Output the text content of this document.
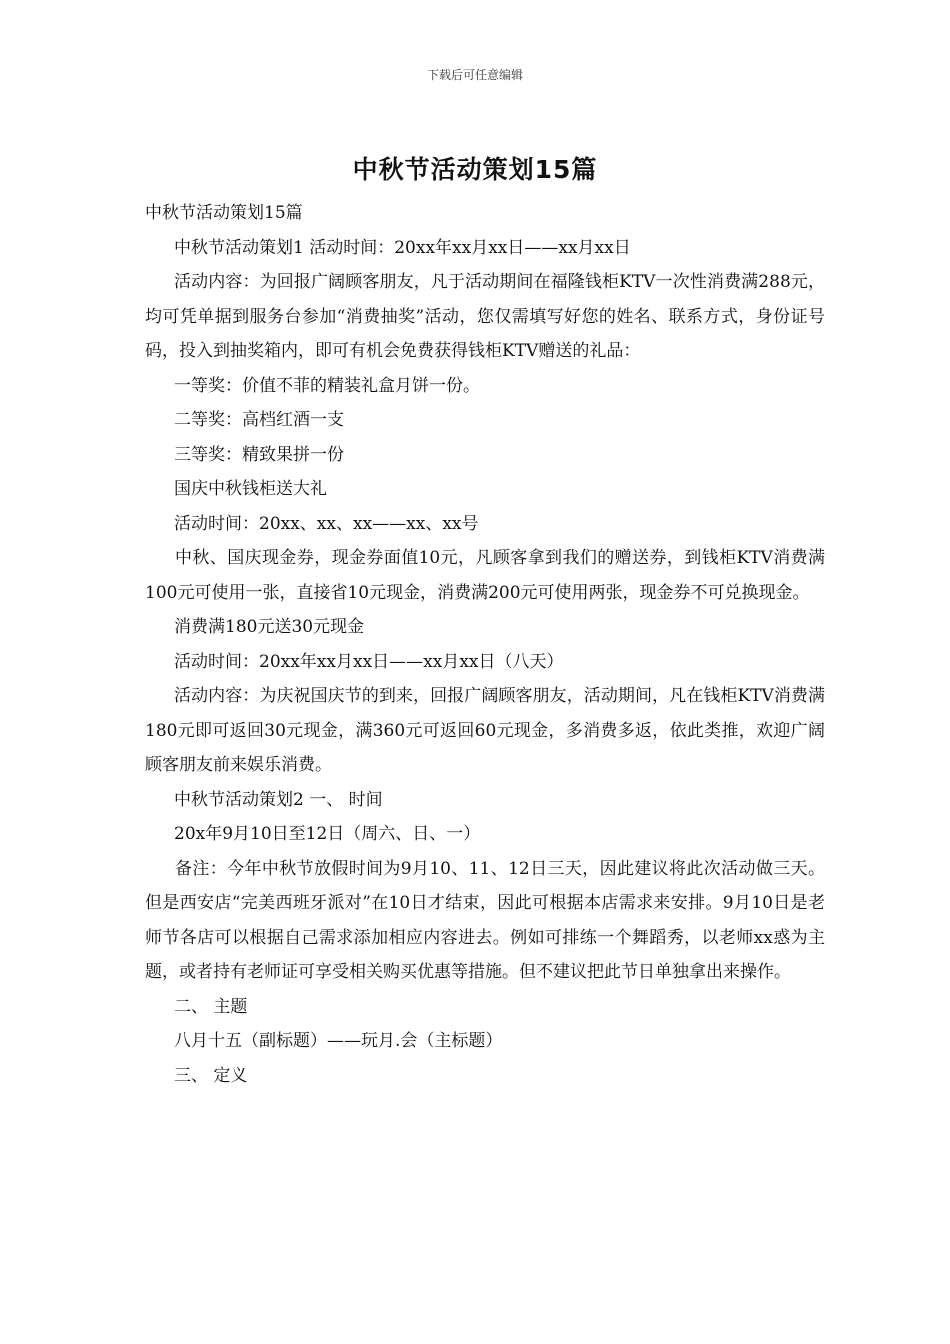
下载后可任意编辑
中秋节活动策划15篇

中秋节活动策划15篇

中秋节活动策划1 活动时间：20xx年xx月xx日——xx月xx日

活动内容：为回报广阔顾客朋友，凡于活动期间在福隆钱柜KTV一次性消费满288元，均可凭单据到服务台参加“消费抽奖”活动，您仅需填写好您的姓名、联系方式，身份证号码，投入到抽奖箱内，即可有机会免费获得钱柜KTV赠送的礼品：

一等奖：价值不菲的精装礼盒月饼一份。

二等奖：高档红酒一支

三等奖：精致果拼一份

国庆中秋钱柜送大礼

活动时间：20xx、xx、xx——xx、xx号

中秋、国庆现金券，现金券面值10元，凡顾客拿到我们的赠送券，到钱柜KTV消费满100元可使用一张，直接省10元现金，消费满200元可使用两张，现金券不可兑换现金。

消费满180元送30元现金

活动时间：20xx年xx月xx日——xx月xx日（八天）

活动内容：为庆祝国庆节的到来，回报广阔顾客朋友，活动期间，凡在钱柜KTV消费满180元即可返回30元现金，满360元可返回60元现金，多消费多返，依此类推，欢迎广阔顾客朋友前来娱乐消费。

中秋节活动策划2 一、 时间

20x年9月10日至12日（周六、日、一）

备注：今年中秋节放假时间为9月10、11、12日三天，因此建议将此次活动做三天。但是西安店“完美西班牙派对”在10日才结束，因此可根据本店需求来安排。9月10日是老师节各店可以根据自己需求添加相应内容进去。例如可排练一个舞蹈秀，以老师xx惑为主题，或者持有老师证可享受相关购买优惠等措施。但不建议把此节日单独拿出来操作。

二、 主题

八月十五（副标题）——玩月.会（主标题）

三、 定义
